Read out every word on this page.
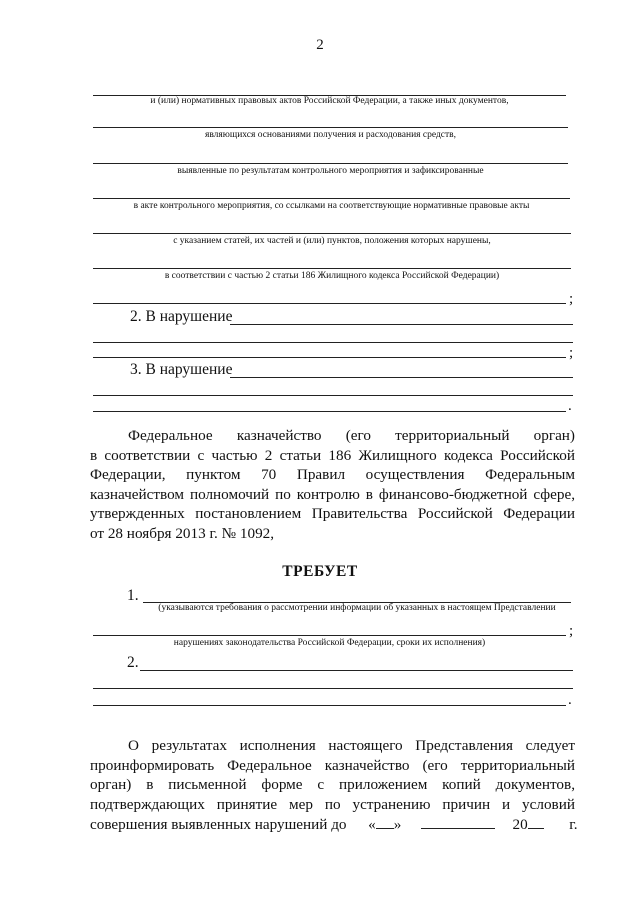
2
и (или) нормативных правовых актов Российской Федерации, а также иных документов,
являющихся основаниями получения и расходования средств,
выявленные по результатам контрольного мероприятия и зафиксированные
в акте контрольного мероприятия, со ссылками на соответствующие нормативные правовые акты
с указанием статей, их частей и (или) пунктов, положения которых нарушены,
в соответствии с частью 2 статьи 186 Жилищного кодекса Российской Федерации)
;
2. В нарушение
;
3. В нарушение
.
Федеральное казначейство (его территориальный орган)
в соответствии с частью 2 статьи 186 Жилищного кодекса Российской
Федерации, пунктом 70 Правил осуществления Федеральным
казначейством полномочий по контролю в финансово-бюджетной сфере,
утвержденных постановлением Правительства Российской Федерации
от 28 ноября 2013 г. № 1092,
ТРЕБУЕТ
1.
(указываются требования о рассмотрении информации об указанных в настоящем Представлении
;
нарушениях законодательства Российской Федерации, сроки их исполнения)
2.
.
О результатах исполнения настоящего Представления следует
проинформировать Федеральное казначейство (его территориальный
орган) в письменной форме с приложением копий документов,
подтверждающих принятие мер по устранению причин и условий
совершения выявленных нарушений до « »	20	г.
